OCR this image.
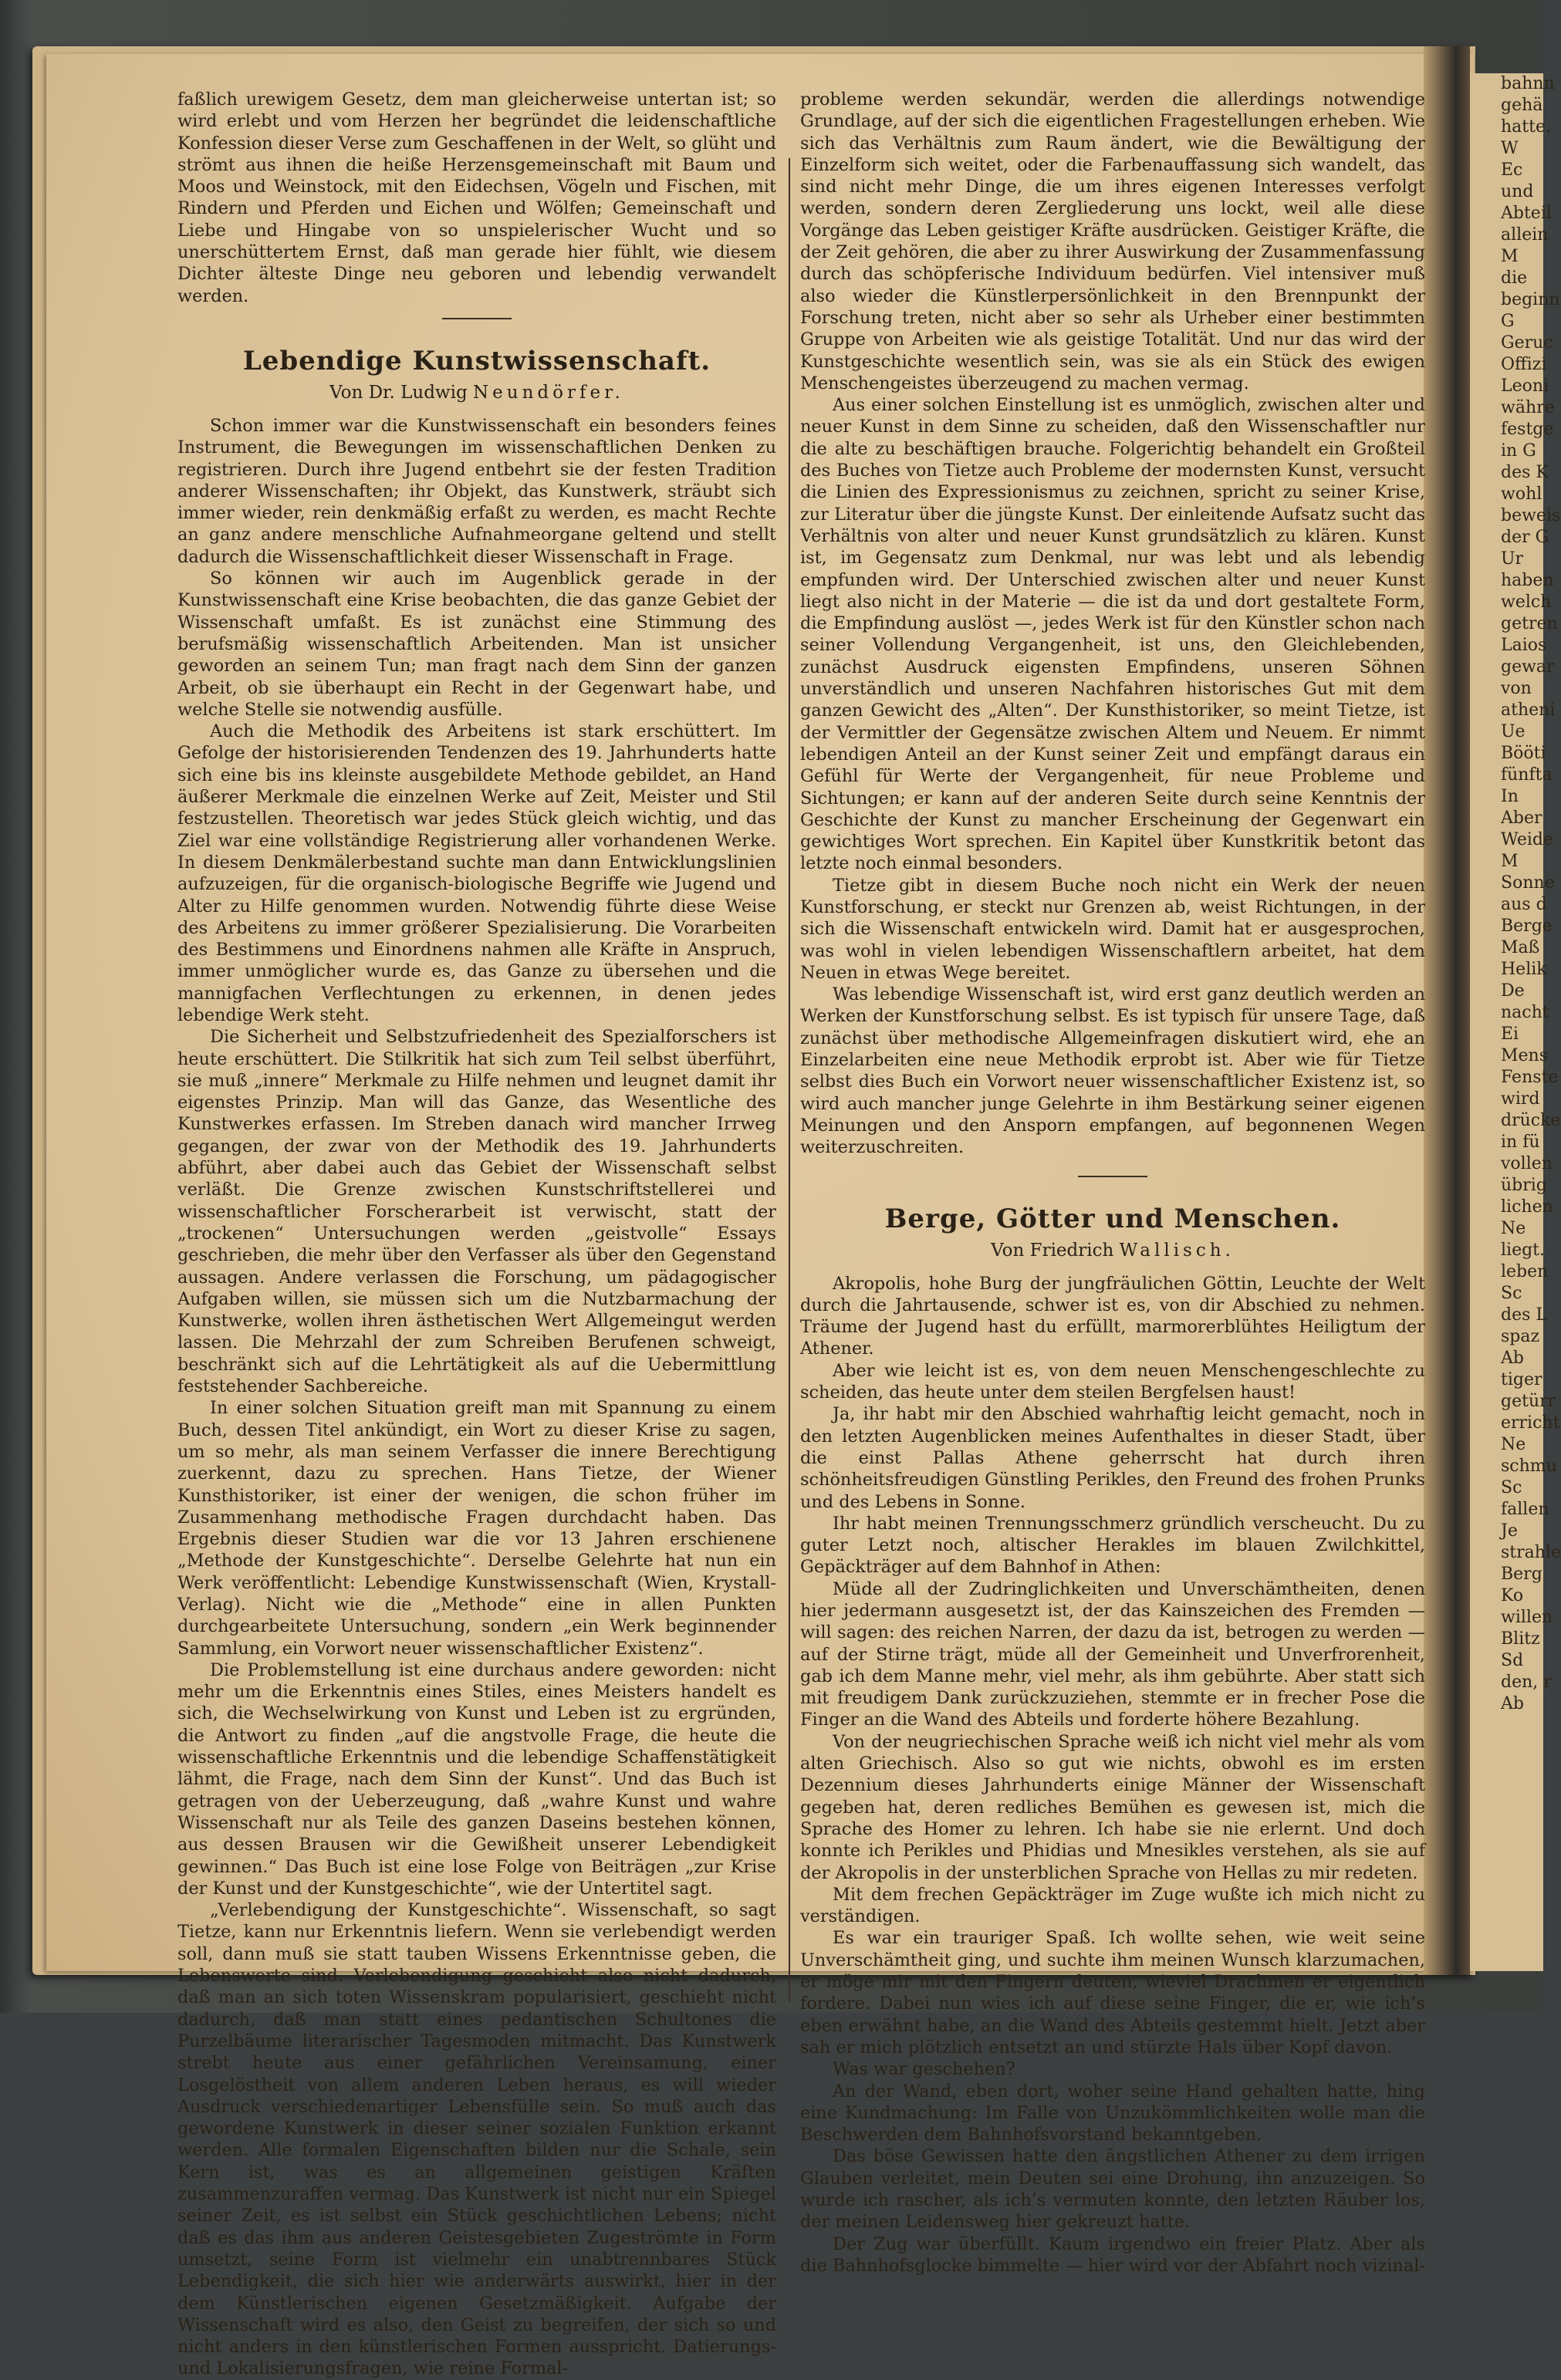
bahnn
gehä
hatte.
W
Ec
und
Abteil
allein
M
die
beginn
G
Geruc
Offizi
Leoni
währe
festge
in G
des K
wohl
beweis
der G
Ur
haben
welch
getren
Laios
gewar
von
atheni
Ue
Bööti
fünfta
In
Aber
Weide
M
Sonne
aus d
Berge
Maß
Helik
De
nacht
Ei
Mens
Fenste
wird
drücke
in fü
vollen
übrig
lichen
Ne
liegt.
leben
Sc
des L
spaz
Ab
tiger
getürr
erricht
Ne
schmu
Sc
fallen
Je
strahle
Berg
Ko
willen
Blitz
Sd
den, r
Ab

faßlich urewigem Gesetz, dem man gleicherweise untertan ist; so wird erlebt und vom Herzen her begründet die leidenschaftliche Konfession dieser Verse zum Geschaffenen in der Welt, so glüht und strömt aus ihnen die heiße Herzensgemeinschaft mit Baum und Moos und Weinstock, mit den Eidechsen, Vögeln und Fischen, mit Rindern und Pferden und Eichen und Wölfen; Gemeinschaft und Liebe und Hingabe von so unspielerischer Wucht und so unerschüttertem Ernst, daß man gerade hier fühlt, wie diesem Dichter älteste Dinge neu geboren und lebendig verwandelt werden.

Lebendige Kunstwissenschaft.
Von Dr. Ludwig Neundörfer.

Schon immer war die Kunstwissenschaft ein besonders feines Instrument, die Bewegungen im wissenschaftlichen Denken zu registrieren. Durch ihre Jugend entbehrt sie der festen Tradition anderer Wissenschaften; ihr Objekt, das Kunstwerk, sträubt sich immer wieder, rein denkmäßig erfaßt zu werden, es macht Rechte an ganz andere menschliche Aufnahmeorgane geltend und stellt dadurch die Wissenschaftlichkeit dieser Wissenschaft in Frage.

So können wir auch im Augenblick gerade in der Kunstwissenschaft eine Krise beobachten, die das ganze Gebiet der Wissenschaft umfaßt. Es ist zunächst eine Stimmung des berufsmäßig wissenschaftlich Arbeitenden. Man ist unsicher geworden an seinem Tun; man fragt nach dem Sinn der ganzen Arbeit, ob sie überhaupt ein Recht in der Gegenwart habe, und welche Stelle sie notwendig ausfülle.

Auch die Methodik des Arbeitens ist stark erschüttert. Im Gefolge der historisierenden Tendenzen des 19. Jahrhunderts hatte sich eine bis ins kleinste ausgebildete Methode gebildet, an Hand äußerer Merkmale die einzelnen Werke auf Zeit, Meister und Stil festzustellen. Theoretisch war jedes Stück gleich wichtig, und das Ziel war eine vollständige Registrierung aller vorhandenen Werke. In diesem Denkmälerbestand suchte man dann Entwicklungslinien aufzuzeigen, für die organisch-biologische Begriffe wie Jugend und Alter zu Hilfe genommen wurden. Notwendig führte diese Weise des Arbeitens zu immer größerer Spezialisierung. Die Vorarbeiten des Bestimmens und Einordnens nahmen alle Kräfte in Anspruch, immer unmöglicher wurde es, das Ganze zu übersehen und die mannigfachen Verflechtungen zu erkennen, in denen jedes lebendige Werk steht.

Die Sicherheit und Selbstzufriedenheit des Spezialforschers ist heute erschüttert. Die Stilkritik hat sich zum Teil selbst überführt, sie muß „innere“ Merkmale zu Hilfe nehmen und leugnet damit ihr eigenstes Prinzip. Man will das Ganze, das Wesentliche des Kunstwerkes erfassen. Im Streben danach wird mancher Irrweg gegangen, der zwar von der Methodik des 19. Jahrhunderts abführt, aber dabei auch das Gebiet der Wissenschaft selbst verläßt. Die Grenze zwischen Kunstschriftstellerei und wissenschaftlicher Forscherarbeit ist verwischt, statt der „trockenen“ Untersuchungen werden „geistvolle“ Essays geschrieben, die mehr über den Verfasser als über den Gegenstand aussagen. Andere verlassen die Forschung, um pädagogischer Aufgaben willen, sie müssen sich um die Nutzbarmachung der Kunstwerke, wollen ihren ästhetischen Wert Allgemeingut werden lassen. Die Mehrzahl der zum Schreiben Berufenen schweigt, beschränkt sich auf die Lehrtätigkeit als auf die Uebermittlung feststehender Sachbereiche.

In einer solchen Situation greift man mit Spannung zu einem Buch, dessen Titel ankündigt, ein Wort zu dieser Krise zu sagen, um so mehr, als man seinem Verfasser die innere Berechtigung zuerkennt, dazu zu sprechen. Hans Tietze, der Wiener Kunsthistoriker, ist einer der wenigen, die schon früher im Zusammenhang methodische Fragen durchdacht haben. Das Ergebnis dieser Studien war die vor 13 Jahren erschienene „Methode der Kunstgeschichte“. Derselbe Gelehrte hat nun ein Werk veröffentlicht: Lebendige Kunstwissenschaft (Wien, Krystall-Verlag). Nicht wie die „Methode“ eine in allen Punkten durchgearbeitete Untersuchung, sondern „ein Werk beginnender Sammlung, ein Vorwort neuer wissenschaftlicher Existenz“.

Die Problemstellung ist eine durchaus andere geworden: nicht mehr um die Erkenntnis eines Stiles, eines Meisters handelt es sich, die Wechselwirkung von Kunst und Leben ist zu ergründen, die Antwort zu finden „auf die angstvolle Frage, die heute die wissenschaftliche Erkenntnis und die lebendige Schaffenstätigkeit lähmt, die Frage, nach dem Sinn der Kunst“. Und das Buch ist getragen von der Ueberzeugung, daß „wahre Kunst und wahre Wissenschaft nur als Teile des ganzen Daseins bestehen können, aus dessen Brausen wir die Gewißheit unserer Lebendigkeit gewinnen.“ Das Buch ist eine lose Folge von Beiträgen „zur Krise der Kunst und der Kunstgeschichte“, wie der Untertitel sagt.

„Verlebendigung der Kunstgeschichte“. Wissenschaft, so sagt Tietze, kann nur Erkenntnis liefern. Wenn sie verlebendigt werden soll, dann muß sie statt tauben Wissens Erkenntnisse geben, die Lebenswerte sind. Verlebendigung geschieht also nicht dadurch, daß man an sich toten Wissenskram popularisiert, geschieht nicht dadurch, daß man statt eines pedantischen Schultones die Purzelbäume literarischer Tagesmoden mitmacht. Das Kunstwerk strebt heute aus einer gefährlichen Vereinsamung, einer Losgelöstheit von allem anderen Leben heraus, es will wieder Ausdruck verschiedenartiger Lebensfülle sein. So muß auch das gewordene Kunstwerk in dieser seiner sozialen Funktion erkannt werden. Alle formalen Eigenschaften bilden nur die Schale, sein Kern ist, was es an allgemeinen geistigen Kräften zusammenzuraffen vermag. Das Kunstwerk ist nicht nur ein Spiegel seiner Zeit, es ist selbst ein Stück geschichtlichen Lebens; nicht daß es das ihm aus anderen Geistesgebieten Zugeströmte in Form umsetzt, seine Form ist vielmehr ein unabtrennbares Stück Lebendigkeit, die sich hier wie anderwärts auswirkt, hier in der dem Künstlerischen eigenen Gesetzmäßigkeit. Aufgabe der Wissenschaft wird es also, den Geist zu begreifen, der sich so und nicht anders in den künstlerischen Formen ausspricht. Datierungs- und Lokalisierungsfragen, wie reine Formal-

probleme werden sekundär, werden die allerdings notwendige Grundlage, auf der sich die eigentlichen Fragestellungen erheben. Wie sich das Verhältnis zum Raum ändert, wie die Bewältigung der Einzelform sich weitet, oder die Farbenauffassung sich wandelt, das sind nicht mehr Dinge, die um ihres eigenen Interesses verfolgt werden, sondern deren Zergliederung uns lockt, weil alle diese Vorgänge das Leben geistiger Kräfte ausdrücken. Geistiger Kräfte, die der Zeit gehören, die aber zu ihrer Auswirkung der Zusammenfassung durch das schöpferische Individuum bedürfen. Viel intensiver muß also wieder die Künstlerpersönlichkeit in den Brennpunkt der Forschung treten, nicht aber so sehr als Urheber einer bestimmten Gruppe von Arbeiten wie als geistige Totalität. Und nur das wird der Kunstgeschichte wesentlich sein, was sie als ein Stück des ewigen Menschengeistes überzeugend zu machen vermag.

Aus einer solchen Einstellung ist es unmöglich, zwischen alter und neuer Kunst in dem Sinne zu scheiden, daß den Wissenschaftler nur die alte zu beschäftigen brauche. Folgerichtig behandelt ein Großteil des Buches von Tietze auch Probleme der modernsten Kunst, versucht die Linien des Expressionismus zu zeichnen, spricht zu seiner Krise, zur Literatur über die jüngste Kunst. Der einleitende Aufsatz sucht das Verhältnis von alter und neuer Kunst grundsätzlich zu klären. Kunst ist, im Gegensatz zum Denkmal, nur was lebt und als lebendig empfunden wird. Der Unterschied zwischen alter und neuer Kunst liegt also nicht in der Materie — die ist da und dort gestaltete Form, die Empfindung auslöst —, jedes Werk ist für den Künstler schon nach seiner Vollendung Vergangenheit, ist uns, den Gleichlebenden, zunächst Ausdruck eigensten Empfindens, unseren Söhnen unverständlich und unseren Nachfahren historisches Gut mit dem ganzen Gewicht des „Alten“. Der Kunsthistoriker, so meint Tietze, ist der Vermittler der Gegensätze zwischen Altem und Neuem. Er nimmt lebendigen Anteil an der Kunst seiner Zeit und empfängt daraus ein Gefühl für Werte der Vergangenheit, für neue Probleme und Sichtungen; er kann auf der anderen Seite durch seine Kenntnis der Geschichte der Kunst zu mancher Erscheinung der Gegenwart ein gewichtiges Wort sprechen. Ein Kapitel über Kunstkritik betont das letzte noch einmal besonders.

Tietze gibt in diesem Buche noch nicht ein Werk der neuen Kunstforschung, er steckt nur Grenzen ab, weist Richtungen, in der sich die Wissenschaft entwickeln wird. Damit hat er ausgesprochen, was wohl in vielen lebendigen Wissenschaftlern arbeitet, hat dem Neuen in etwas Wege bereitet.

Was lebendige Wissenschaft ist, wird erst ganz deutlich werden an Werken der Kunstforschung selbst. Es ist typisch für unsere Tage, daß zunächst über methodische Allgemeinfragen diskutiert wird, ehe an Einzelarbeiten eine neue Methodik erprobt ist. Aber wie für Tietze selbst dies Buch ein Vorwort neuer wissenschaftlicher Existenz ist, so wird auch mancher junge Gelehrte in ihm Bestärkung seiner eigenen Meinungen und den Ansporn empfangen, auf begonnenen Wegen weiterzuschreiten.

Berge, Götter und Menschen.
Von Friedrich Wallisch.

Akropolis, hohe Burg der jungfräulichen Göttin, Leuchte der Welt durch die Jahrtausende, schwer ist es, von dir Abschied zu nehmen. Träume der Jugend hast du erfüllt, marmorerblühtes Heiligtum der Athener.

Aber wie leicht ist es, von dem neuen Menschengeschlechte zu scheiden, das heute unter dem steilen Bergfelsen haust!

Ja, ihr habt mir den Abschied wahrhaftig leicht gemacht, noch in den letzten Augenblicken meines Aufenthaltes in dieser Stadt, über die einst Pallas Athene geherrscht hat durch ihren schönheitsfreudigen Günstling Perikles, den Freund des frohen Prunks und des Lebens in Sonne.

Ihr habt meinen Trennungsschmerz gründlich verscheucht. Du zu guter Letzt noch, altischer Herakles im blauen Zwilchkittel, Gepäckträger auf dem Bahnhof in Athen:

Müde all der Zudringlichkeiten und Unverschämtheiten, denen hier jedermann ausgesetzt ist, der das Kainszeichen des Fremden — will sagen: des reichen Narren, der dazu da ist, betrogen zu werden — auf der Stirne trägt, müde all der Gemeinheit und Unverfrorenheit, gab ich dem Manne mehr, viel mehr, als ihm gebührte. Aber statt sich mit freudigem Dank zurückzuziehen, stemmte er in frecher Pose die Finger an die Wand des Abteils und forderte höhere Bezahlung.

Von der neugriechischen Sprache weiß ich nicht viel mehr als vom alten Griechisch. Also so gut wie nichts, obwohl es im ersten Dezennium dieses Jahrhunderts einige Männer der Wissenschaft gegeben hat, deren redliches Bemühen es gewesen ist, mich die Sprache des Homer zu lehren. Ich habe sie nie erlernt. Und doch konnte ich Perikles und Phidias und Mnesikles verstehen, als sie auf der Akropolis in der unsterblichen Sprache von Hellas zu mir redeten.

Mit dem frechen Gepäckträger im Zuge wußte ich mich nicht zu verständigen.

Es war ein trauriger Spaß. Ich wollte sehen, wie weit seine Unverschämtheit ging, und suchte ihm meinen Wunsch klarzumachen, er möge mir mit den Fingern deuten, wieviel Drachmen er eigentlich fordere. Dabei nun wies ich auf diese seine Finger, die er, wie ich’s eben erwähnt habe, an die Wand des Abteils gestemmt hielt. Jetzt aber sah er mich plötzlich entsetzt an und stürzte Hals über Kopf davon.

Was war geschehen?

An der Wand, eben dort, woher seine Hand gehalten hatte, hing eine Kundmachung: Im Falle von Unzukömmlichkeiten wolle man die Beschwerden dem Bahnhofsvorstand bekanntgeben.

Das böse Gewissen hatte den ängstlichen Athener zu dem irrigen Glauben verleitet, mein Deuten sei eine Drohung, ihn anzuzeigen. So wurde ich rascher, als ich’s vermuten konnte, den letzten Räuber los, der meinen Leidensweg hier gekreuzt hatte.

Der Zug war überfüllt. Kaum irgendwo ein freier Platz. Aber als die Bahnhofsglocke bimmelte — hier wird vor der Abfahrt noch vizinal-
